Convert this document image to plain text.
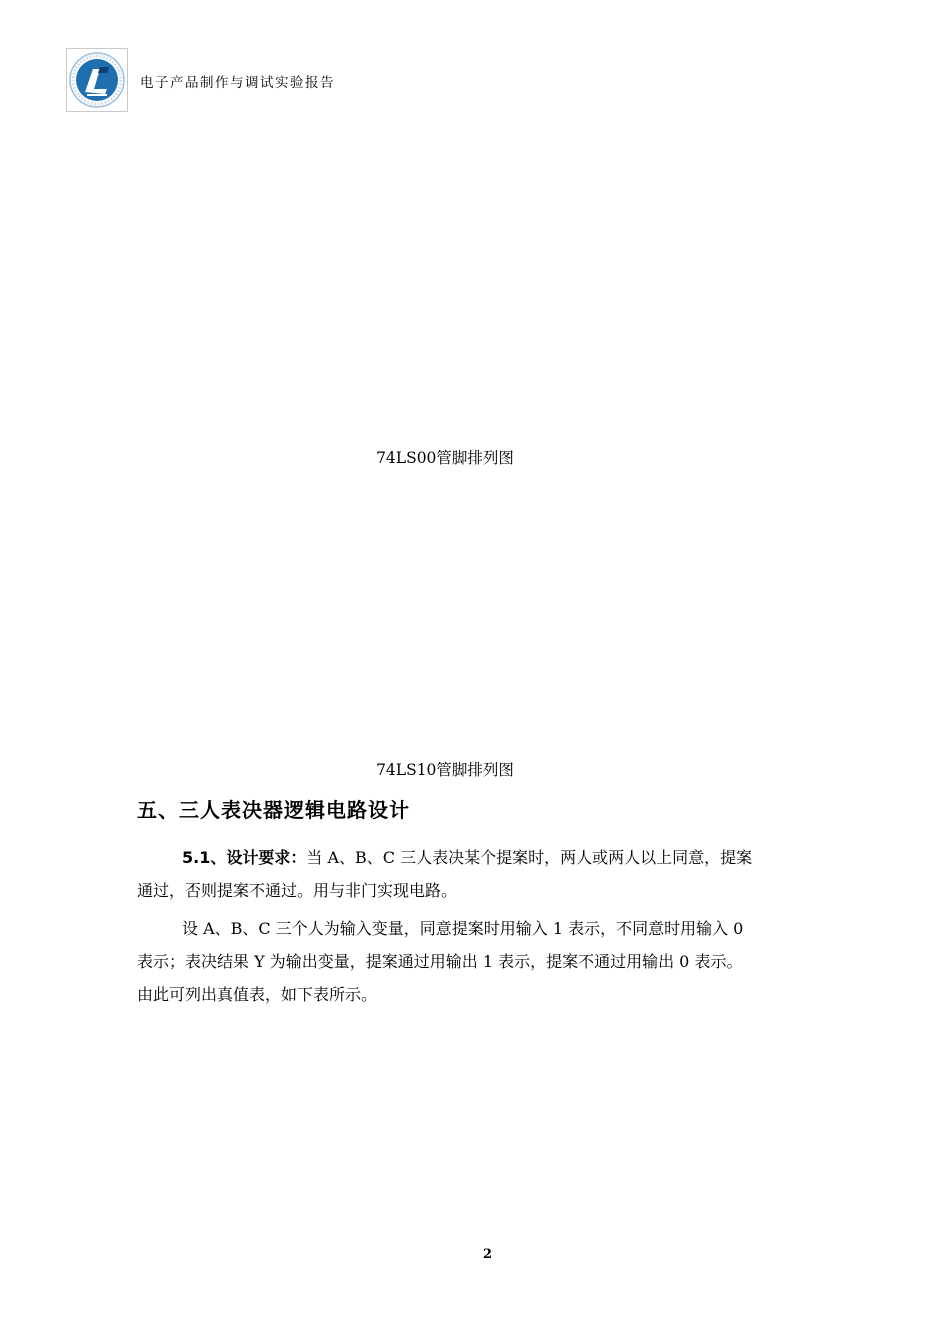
电子产品制作与调试实验报告
74LS00管脚排列图
74LS10管脚排列图
五、三人表决器逻辑电路设计
5.1、设计要求：当 A、B、C 三人表决某个提案时，两人或两人以上同意，提案
通过，否则提案不通过。用与非门实现电路。
设 A、B、C 三个人为输入变量，同意提案时用输入 1 表示，不同意时用输入 0
表示；表决结果 Y 为输出变量，提案通过用输出 1 表示，提案不通过用输出 0 表示。
由此可列出真值表，如下表所示。
2
